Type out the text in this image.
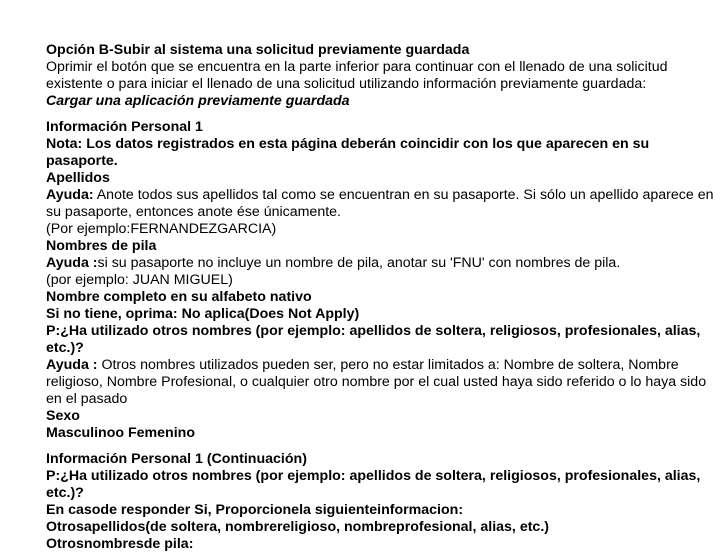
Opción B-Subir al sistema una solicitud previamente guardada

Oprimir el botón que se encuentra en la parte inferior para continuar con el llenado de una solicitud existente o para iniciar el llenado de una solicitud utilizando información previamente guardada:

Cargar una aplicación previamente guardada

Información Personal 1

Nota: Los datos registrados en esta página deberán coincidir con los que aparecen en su pasaporte.

Apellidos

Ayuda: Anote todos sus apellidos tal como se encuentran en su pasaporte. Si sólo un apellido aparece en su pasaporte, entonces anote ése únicamente.

(Por ejemplo:FERNANDEZGARCIA)

Nombres de pila

Ayuda :si su pasaporte no incluye un nombre de pila, anotar su 'FNU' con nombres de pila.

(por ejemplo: JUAN MIGUEL)

Nombre completo en su alfabeto nativo

Si no tiene, oprima: No aplica(Does Not Apply)

P:¿Ha utilizado otros nombres (por ejemplo: apellidos de soltera, religiosos, profesionales, alias, etc.)?

Ayuda : Otros nombres utilizados pueden ser, pero no estar limitados a: Nombre de soltera, Nombre religioso, Nombre Profesional, o cualquier otro nombre por el cual usted haya sido referido o lo haya sido en el pasado

Sexo

Masculinoo Femenino

Información Personal 1 (Continuación)

P:¿Ha utilizado otros nombres (por ejemplo: apellidos de soltera, religiosos, profesionales, alias, etc.)?

En casode responder Si, Proporcionela siguienteinformacion:

Otrosapellidos(de soltera, nombrereligioso, nombreprofesional, alias, etc.)

Otrosnombresde pila:
